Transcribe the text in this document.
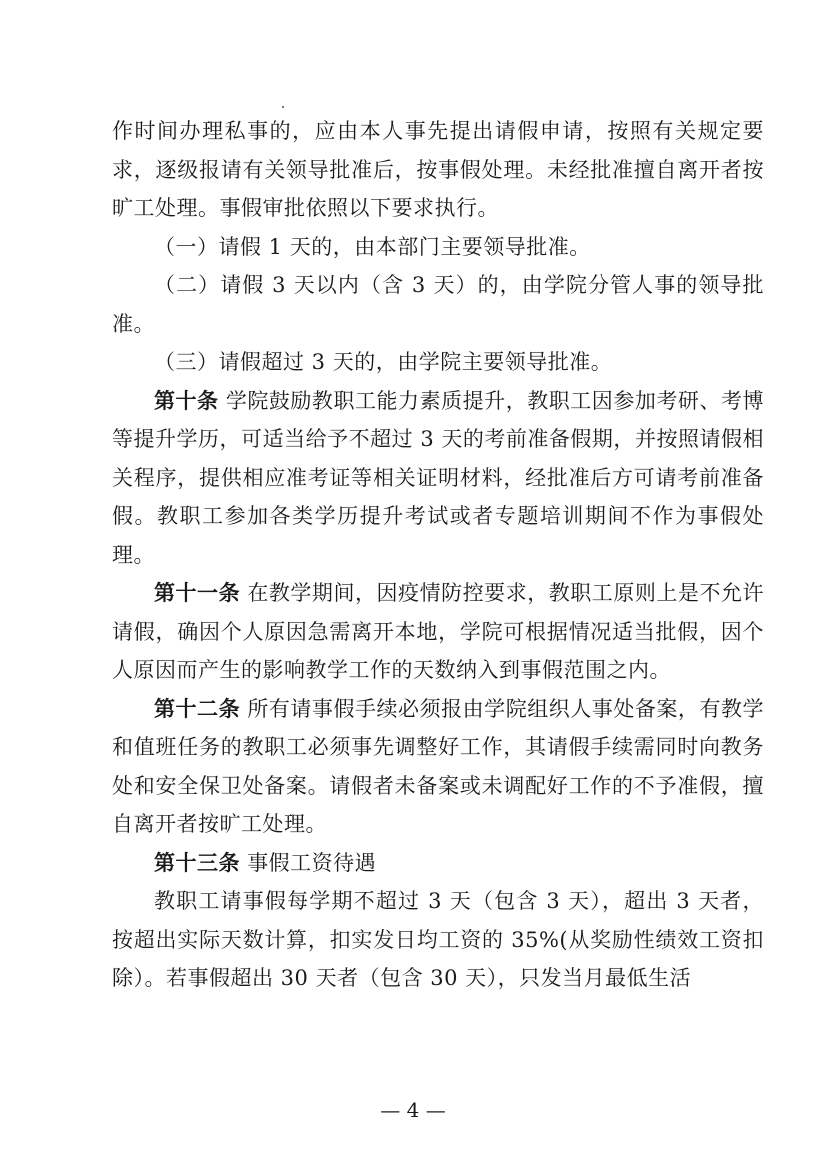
作时间办理私事的，应由本人事先提出请假申请，按照有关规定要求，逐级报请有关领导批准后，按事假处理。未经批准擅自离开者按旷工处理。事假审批依照以下要求执行。

（一）请假 1 天的，由本部门主要领导批准。

（二）请假 3 天以内（含 3 天）的，由学院分管人事的领导批准。

（三）请假超过 3 天的，由学院主要领导批准。

第十条 学院鼓励教职工能力素质提升，教职工因参加考研、考博等提升学历，可适当给予不超过 3 天的考前准备假期，并按照请假相关程序，提供相应准考证等相关证明材料，经批准后方可请考前准备假。教职工参加各类学历提升考试或者专题培训期间不作为事假处理。

第十一条 在教学期间，因疫情防控要求，教职工原则上是不允许请假，确因个人原因急需离开本地，学院可根据情况适当批假，因个人原因而产生的影响教学工作的天数纳入到事假范围之内。

第十二条 所有请事假手续必须报由学院组织人事处备案，有教学和值班任务的教职工必须事先调整好工作，其请假手续需同时向教务处和安全保卫处备案。请假者未备案或未调配好工作的不予准假，擅自离开者按旷工处理。

第十三条 事假工资待遇

教职工请事假每学期不超过 3 天（包含 3 天），超出 3 天者，按超出实际天数计算，扣实发日均工资的 35%(从奖励性绩效工资扣除）。若事假超出 30 天者（包含 30 天），只发当月最低生活

— 4 —
